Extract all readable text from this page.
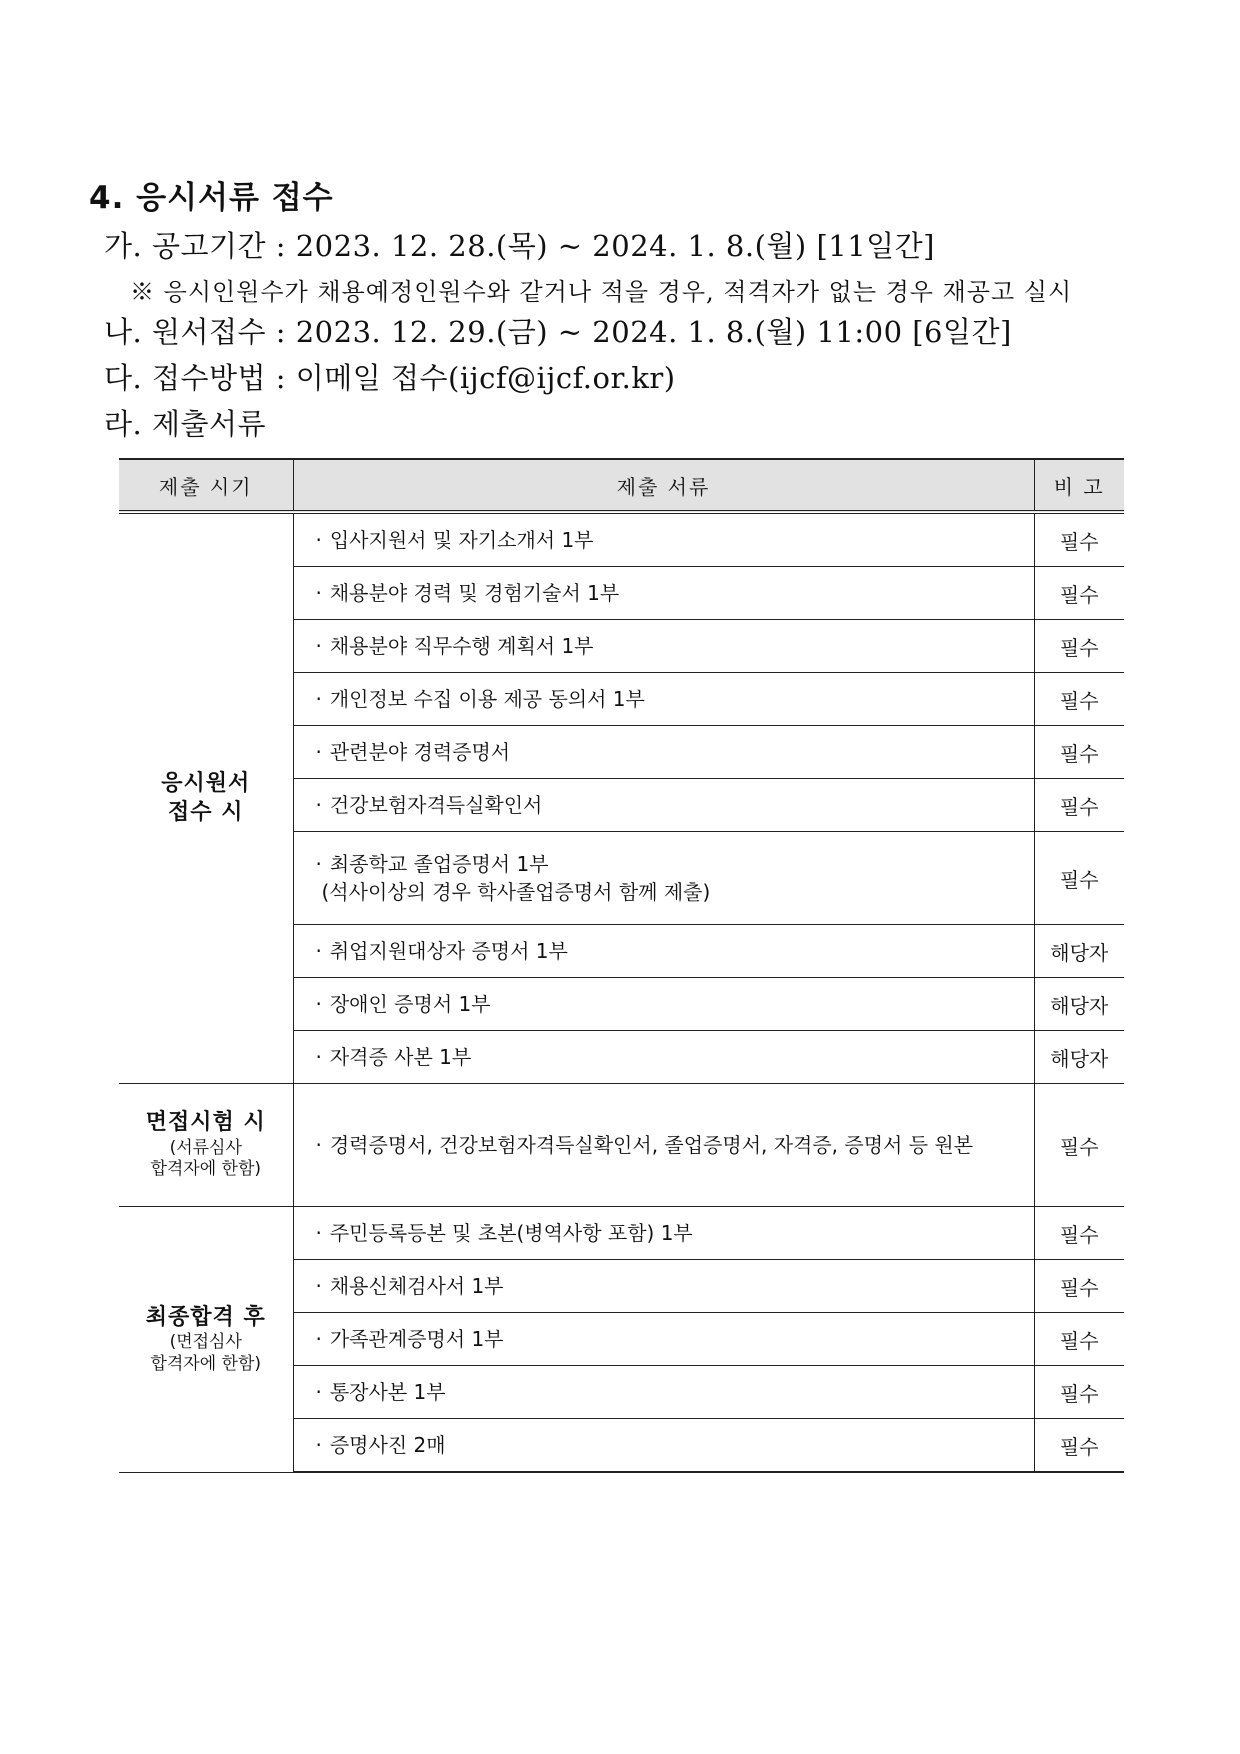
4. 응시서류 접수
가. 공고기간 : 2023. 12. 28.(목) ~ 2024. 1. 8.(월) [11일간]
※ 응시인원수가 채용예정인원수와 같거나 적을 경우, 적격자가 없는 경우 재공고 실시
나. 원서접수 : 2023. 12. 29.(금) ~ 2024. 1. 8.(월) 11:00 [6일간]
다. 접수방법 : 이메일 접수(ijcf@ijcf.or.kr)
라. 제출서류
제출 시기	제출 서류	비 고

응시원서
접수 시	· 입사지원서 및 자기소개서 1부	필수
	· 채용분야 경력 및 경험기술서 1부	필수
	· 채용분야 직무수행 계획서 1부	필수
	· 개인정보 수집 이용 제공 동의서 1부	필수
	· 관련분야 경력증명서	필수
	· 건강보험자격득실확인서	필수
	· 최종학교 졸업증명서 1부
(석사이상의 경우 학사졸업증명서 함께 제출)	필수
	· 취업지원대상자 증명서 1부	해당자
	· 장애인 증명서 1부	해당자
	· 자격증 사본 1부	해당자

면접시험 시
(서류심사
합격자에 한함)	· 경력증명서, 건강보험자격득실확인서, 졸업증명서, 자격증, 증명서 등 원본	필수

최종합격 후
(면접심사
합격자에 한함)	· 주민등록등본 및 초본(병역사항 포함) 1부	필수
	· 채용신체검사서 1부	필수
	· 가족관계증명서 1부	필수
	· 통장사본 1부	필수
	· 증명사진 2매	필수
